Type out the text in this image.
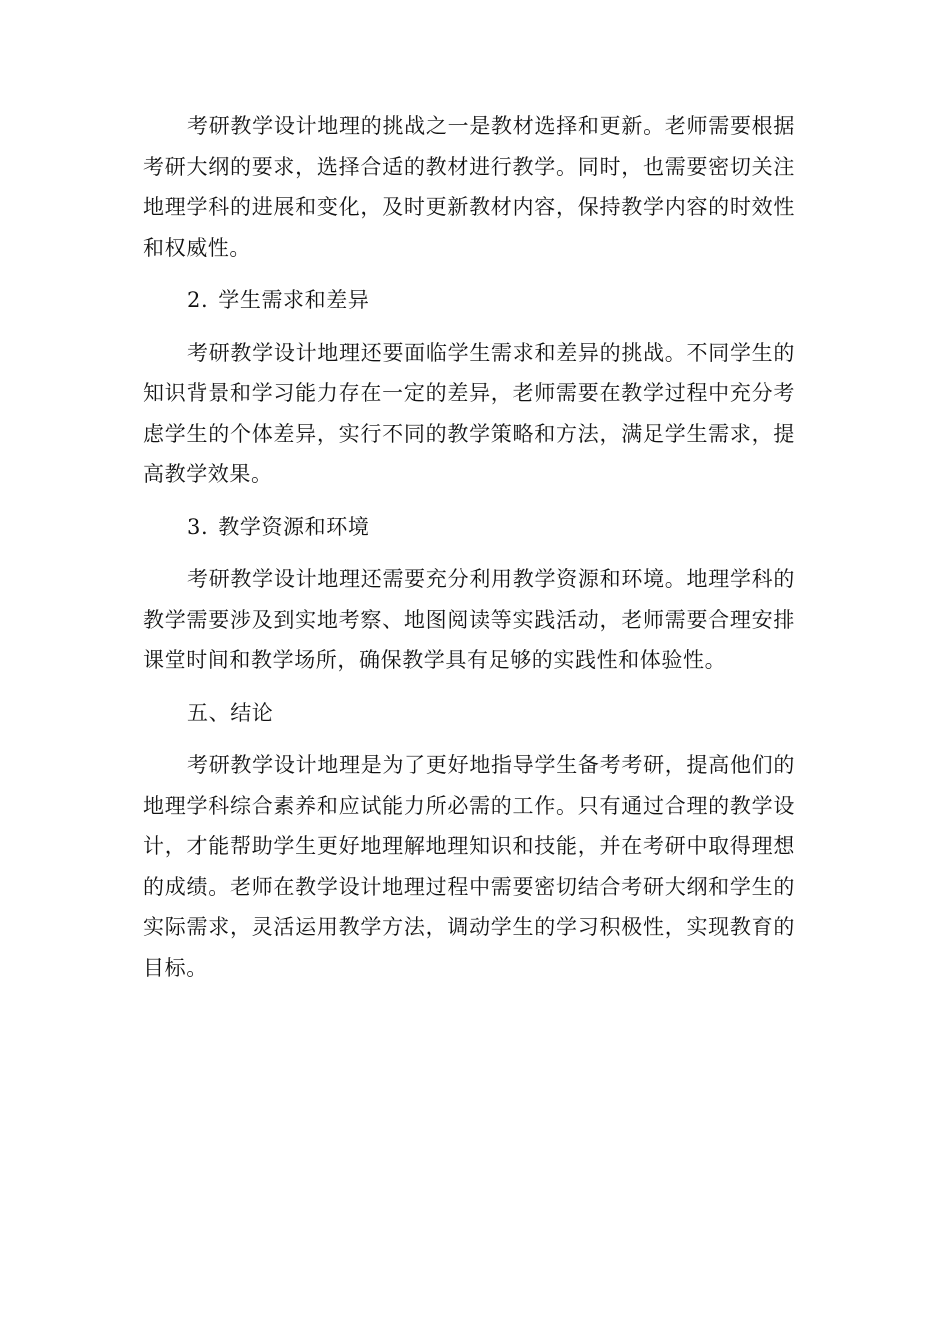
考研教学设计地理的挑战之一是教材选择和更新。老师需要根据考研大纲的要求，选择合适的教材进行教学。同时，也需要密切关注地理学科的进展和变化，及时更新教材内容，保持教学内容的时效性和权威性。

2. 学生需求和差异

考研教学设计地理还要面临学生需求和差异的挑战。不同学生的知识背景和学习能力存在一定的差异，老师需要在教学过程中充分考虑学生的个体差异，实行不同的教学策略和方法，满足学生需求，提高教学效果。

3. 教学资源和环境

考研教学设计地理还需要充分利用教学资源和环境。地理学科的教学需要涉及到实地考察、地图阅读等实践活动，老师需要合理安排课堂时间和教学场所，确保教学具有足够的实践性和体验性。

五、结论

考研教学设计地理是为了更好地指导学生备考考研，提高他们的地理学科综合素养和应试能力所必需的工作。只有通过合理的教学设计，才能帮助学生更好地理解地理知识和技能，并在考研中取得理想的成绩。老师在教学设计地理过程中需要密切结合考研大纲和学生的实际需求，灵活运用教学方法，调动学生的学习积极性，实现教育的目标。
